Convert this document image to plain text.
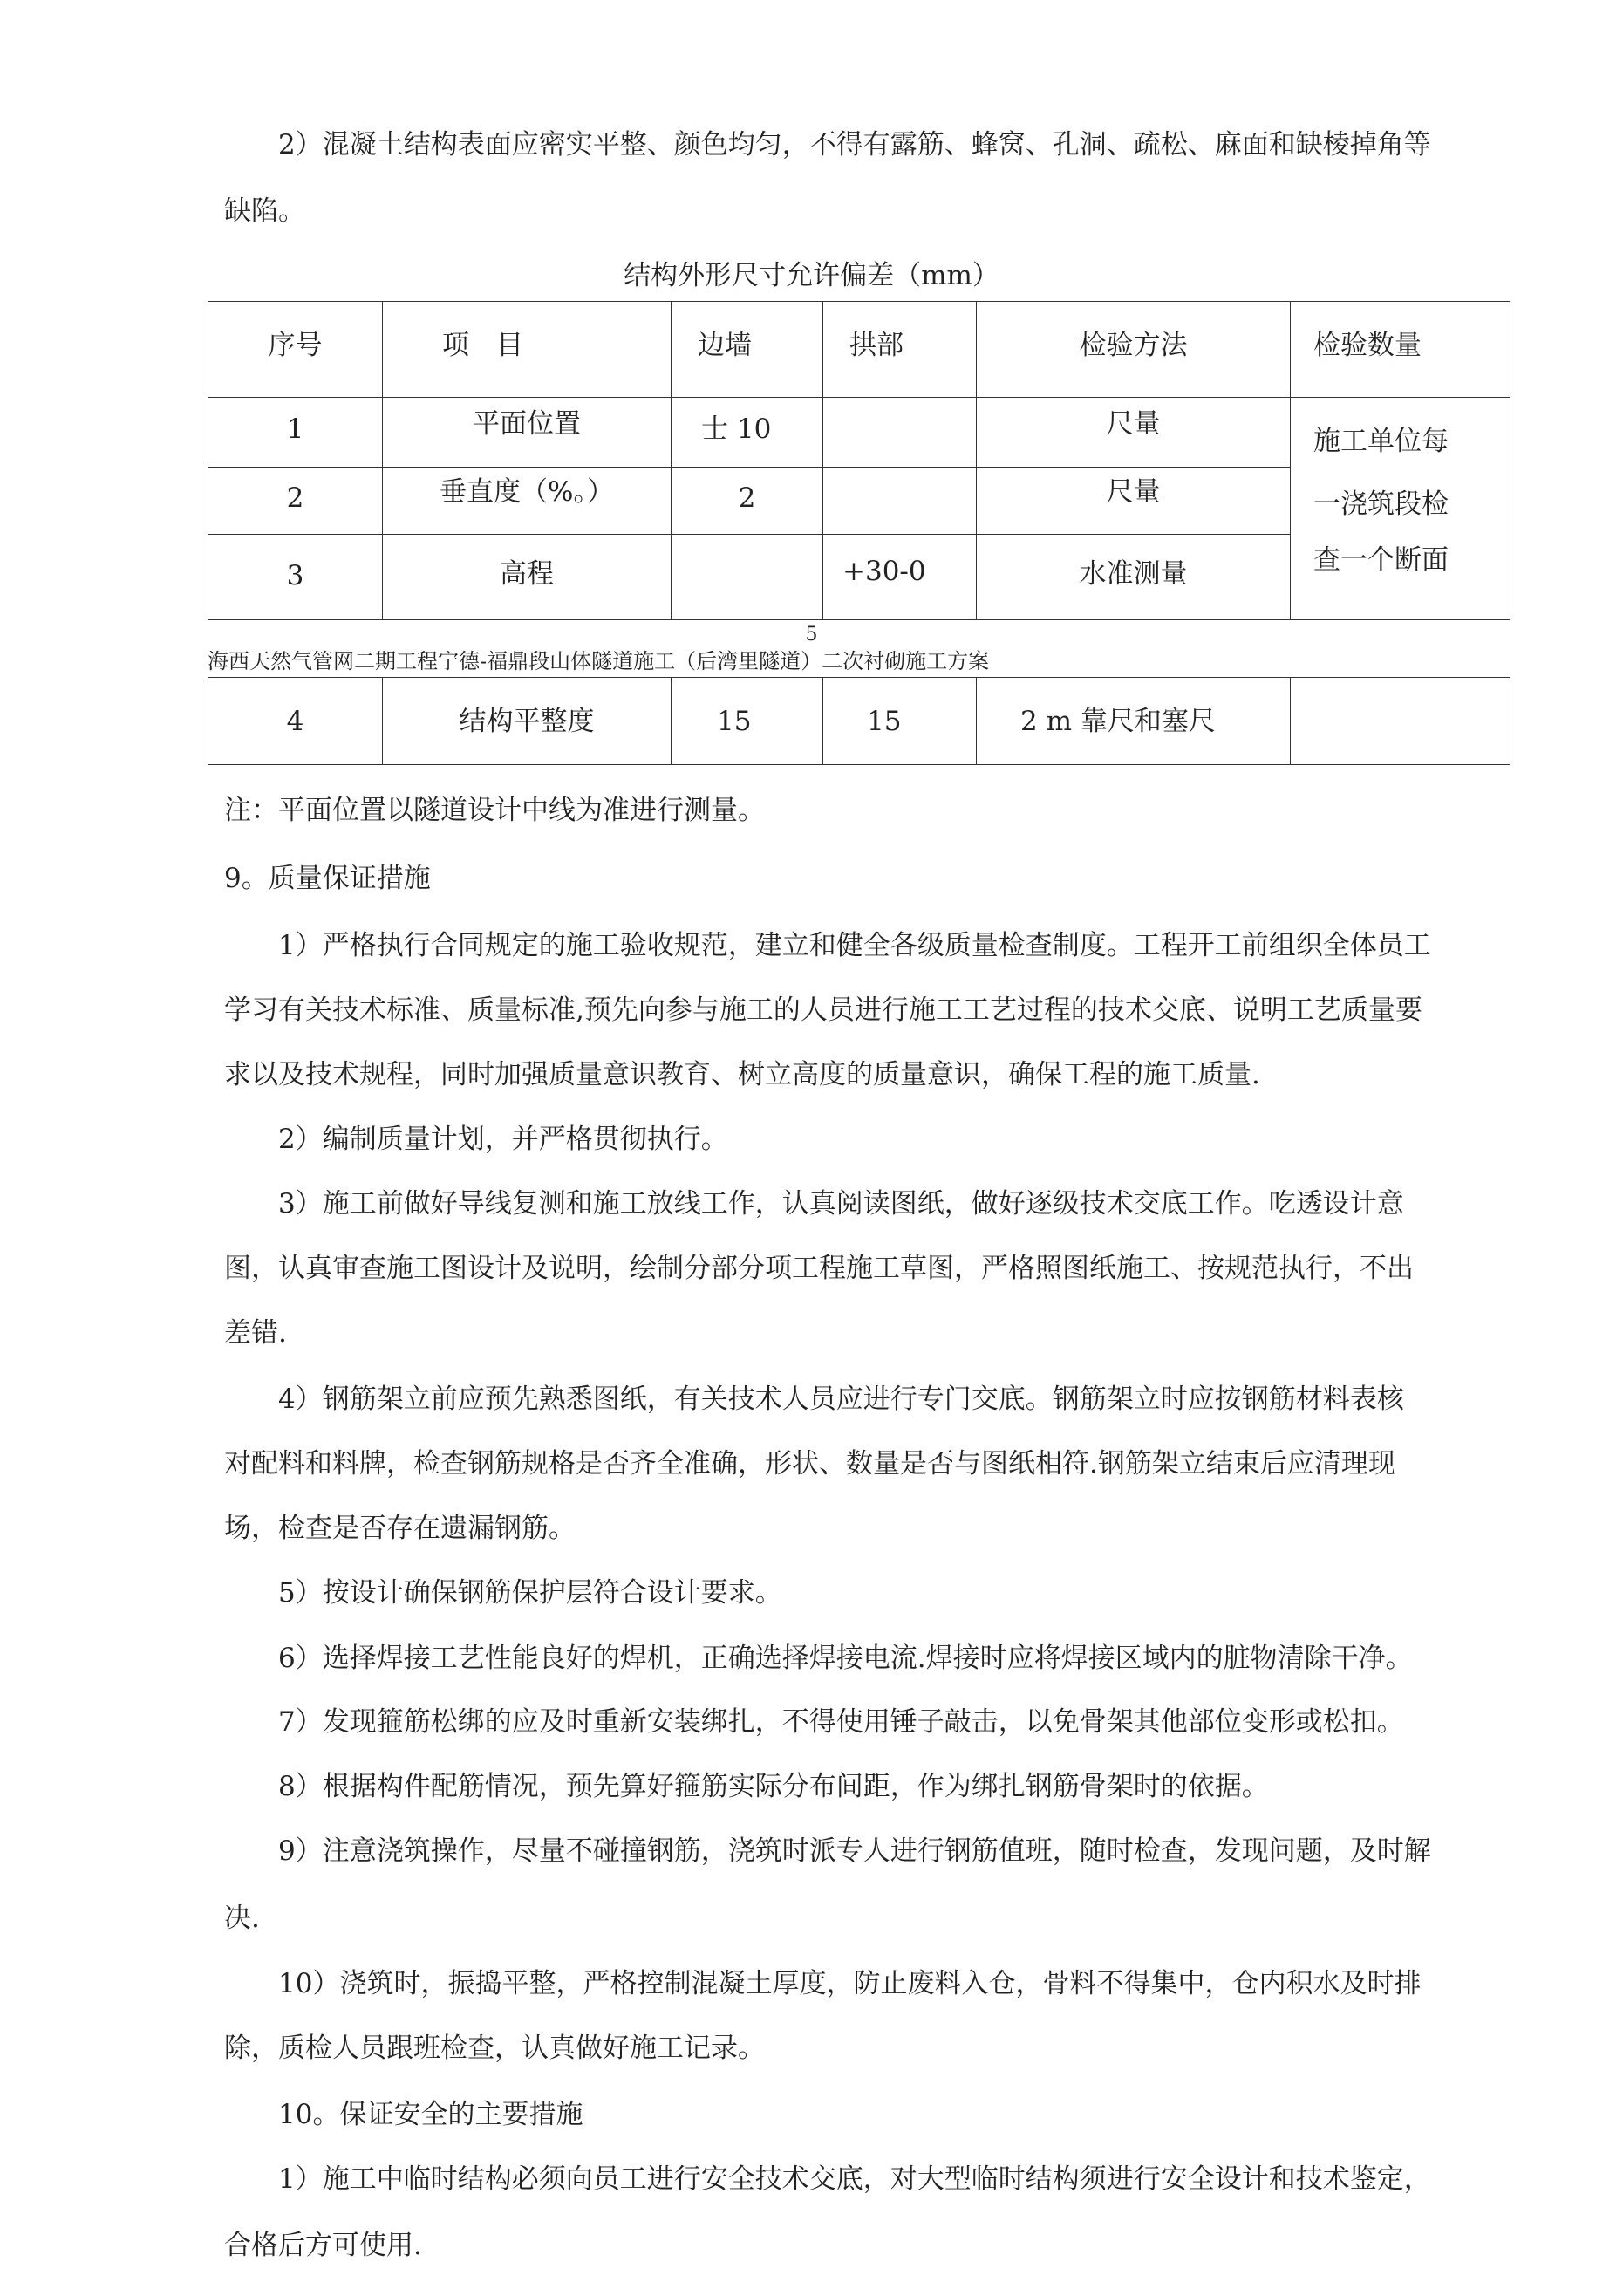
　　2）混凝土结构表面应密实平整、颜色均匀，不得有露筋、蜂窝、孔洞、疏松、麻面和缺棱掉角等
缺陷。
结构外形尺寸允许偏差（mm）
序号	项　目	边墙	拱部	检验方法	检验数量
1	平面位置	士 10		尺量	施工单位每
一浇筑段检
查一个断面

2	垂直度（%。）	2		尺量	
3	高程		+30-0	水准测量	
5
海西天然气管网二期工程宁德-福鼎段山体隧道施工（后湾里隧道）二次衬砌施工方案
4	结构平整度	15	15	2 m 靠尺和塞尺	
注：平面位置以隧道设计中线为准进行测量。
9。质量保证措施
　　1）严格执行合同规定的施工验收规范，建立和健全各级质量检查制度。工程开工前组织全体员工
学习有关技术标准、质量标准,预先向参与施工的人员进行施工工艺过程的技术交底、说明工艺质量要
求以及技术规程，同时加强质量意识教育、树立高度的质量意识，确保工程的施工质量.
　　2）编制质量计划，并严格贯彻执行。
　　3）施工前做好导线复测和施工放线工作，认真阅读图纸，做好逐级技术交底工作。吃透设计意
图，认真审查施工图设计及说明，绘制分部分项工程施工草图，严格照图纸施工、按规范执行，不出
差错.
　　4）钢筋架立前应预先熟悉图纸，有关技术人员应进行专门交底。钢筋架立时应按钢筋材料表核
对配料和料牌，检查钢筋规格是否齐全准确，形状、数量是否与图纸相符.钢筋架立结束后应清理现
场，检查是否存在遗漏钢筋。
　　5）按设计确保钢筋保护层符合设计要求。
　　6）选择焊接工艺性能良好的焊机，正确选择焊接电流.焊接时应将焊接区域内的脏物清除干净。
　　7）发现箍筋松绑的应及时重新安装绑扎，不得使用锤子敲击，以免骨架其他部位变形或松扣。
　　8）根据构件配筋情况，预先算好箍筋实际分布间距，作为绑扎钢筋骨架时的依据。
　　9）注意浇筑操作，尽量不碰撞钢筋，浇筑时派专人进行钢筋值班，随时检查，发现问题，及时解
决.
　　10）浇筑时，振捣平整，严格控制混凝土厚度，防止废料入仓，骨料不得集中，仓内积水及时排
除，质检人员跟班检查，认真做好施工记录。
　　10。保证安全的主要措施
　　1）施工中临时结构必须向员工进行安全技术交底，对大型临时结构须进行安全设计和技术鉴定，
合格后方可使用.
